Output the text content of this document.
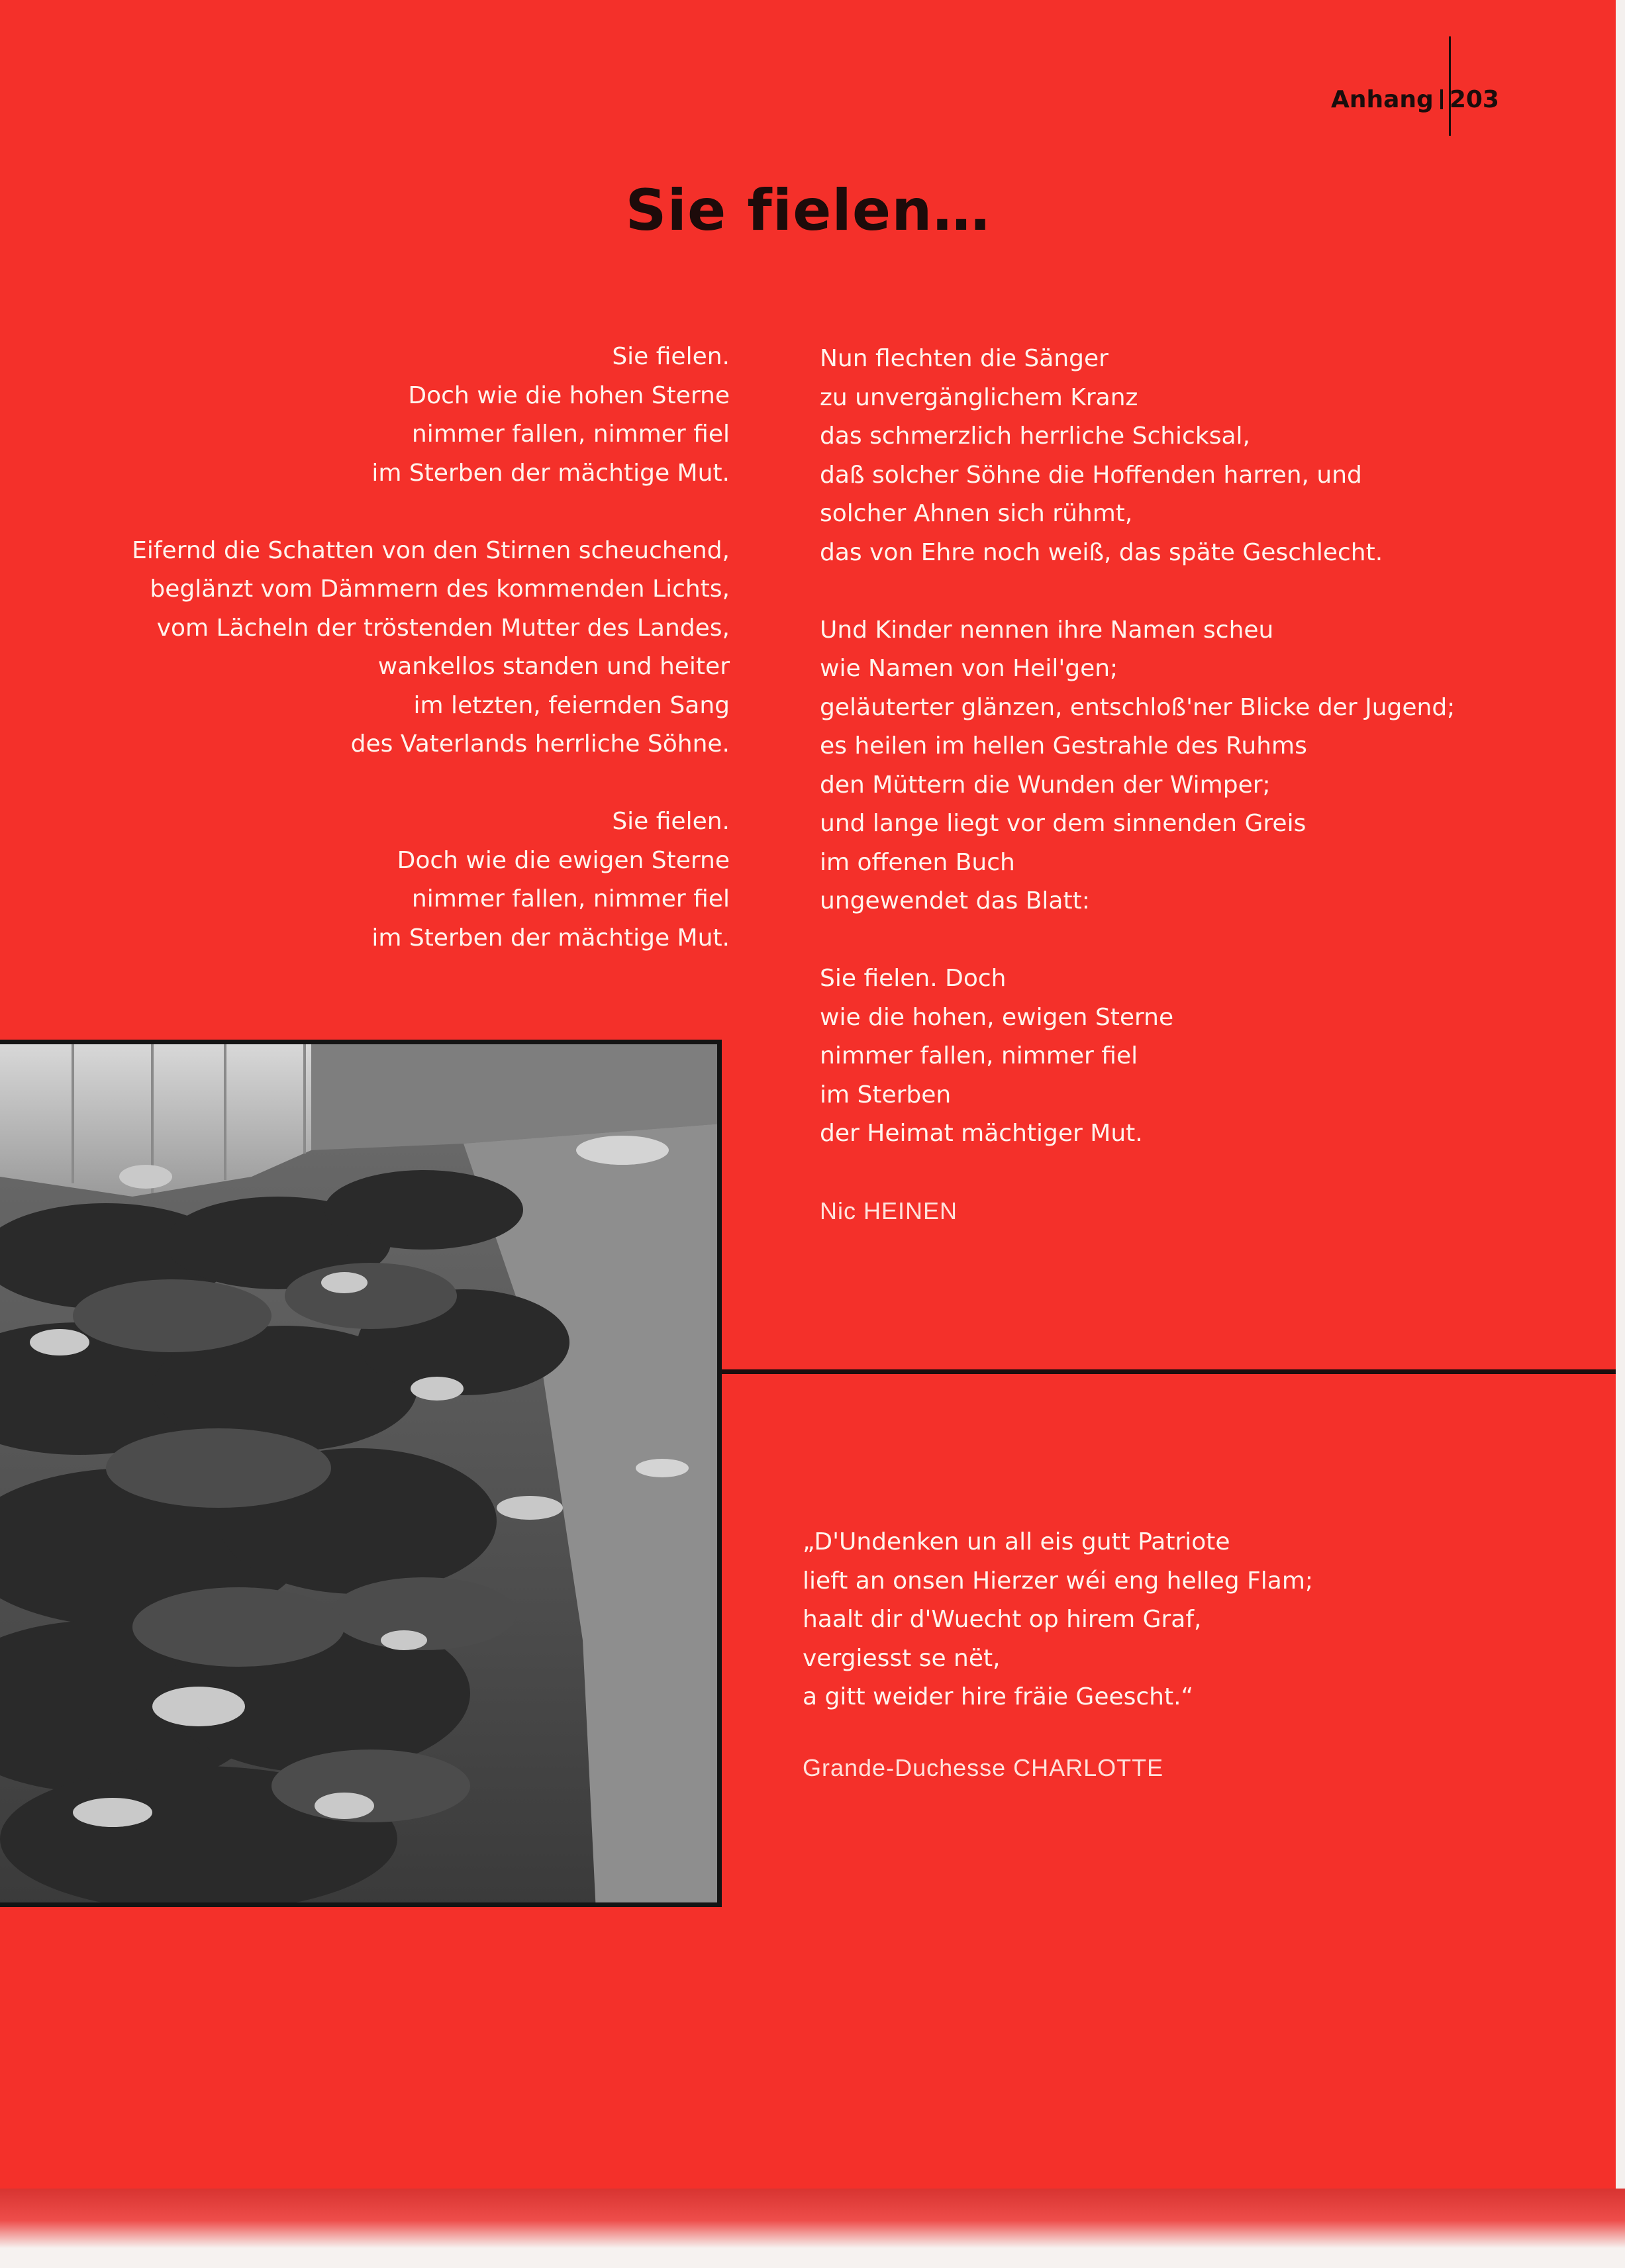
Anhang 203
Sie fielen…
Sie fielen.
Doch wie die hohen Sterne
nimmer fallen, nimmer fiel
im Sterben der mächtige Mut.
Eifernd die Schatten von den Stirnen scheuchend,
beglänzt vom Dämmern des kommenden Lichts,
vom Lächeln der tröstenden Mutter des Landes,
wankellos standen und heiter
im letzten, feiernden Sang
des Vaterlands herrliche Söhne.
Sie fielen.
Doch wie die ewigen Sterne
nimmer fallen, nimmer fiel
im Sterben der mächtige Mut.
Nun flechten die Sänger
zu unvergänglichem Kranz
das schmerzlich herrliche Schicksal,
daß solcher Söhne die Hoffenden harren, und
solcher Ahnen sich rühmt,
das von Ehre noch weiß, das späte Geschlecht.
Und Kinder nennen ihre Namen scheu
wie Namen von Heil'gen;
geläuterter glänzen, entschloß'ner Blicke der Jugend;
es heilen im hellen Gestrahle des Ruhms
den Müttern die Wunden der Wimper;
und lange liegt vor dem sinnenden Greis
im offenen Buch
ungewendet das Blatt:
Sie fielen. Doch
wie die hohen, ewigen Sterne
nimmer fallen, nimmer fiel
im Sterben
der Heimat mächtiger Mut.
Nic HEINEN
„D'Undenken un all eis gutt Patriote
lieft an onsen Hierzer wéi eng helleg Flam;
haalt dir d'Wuecht op hirem Graf,
vergiesst se nët,
a gitt weider hire fräie Geescht.“
Grande-Duchesse CHARLOTTE
